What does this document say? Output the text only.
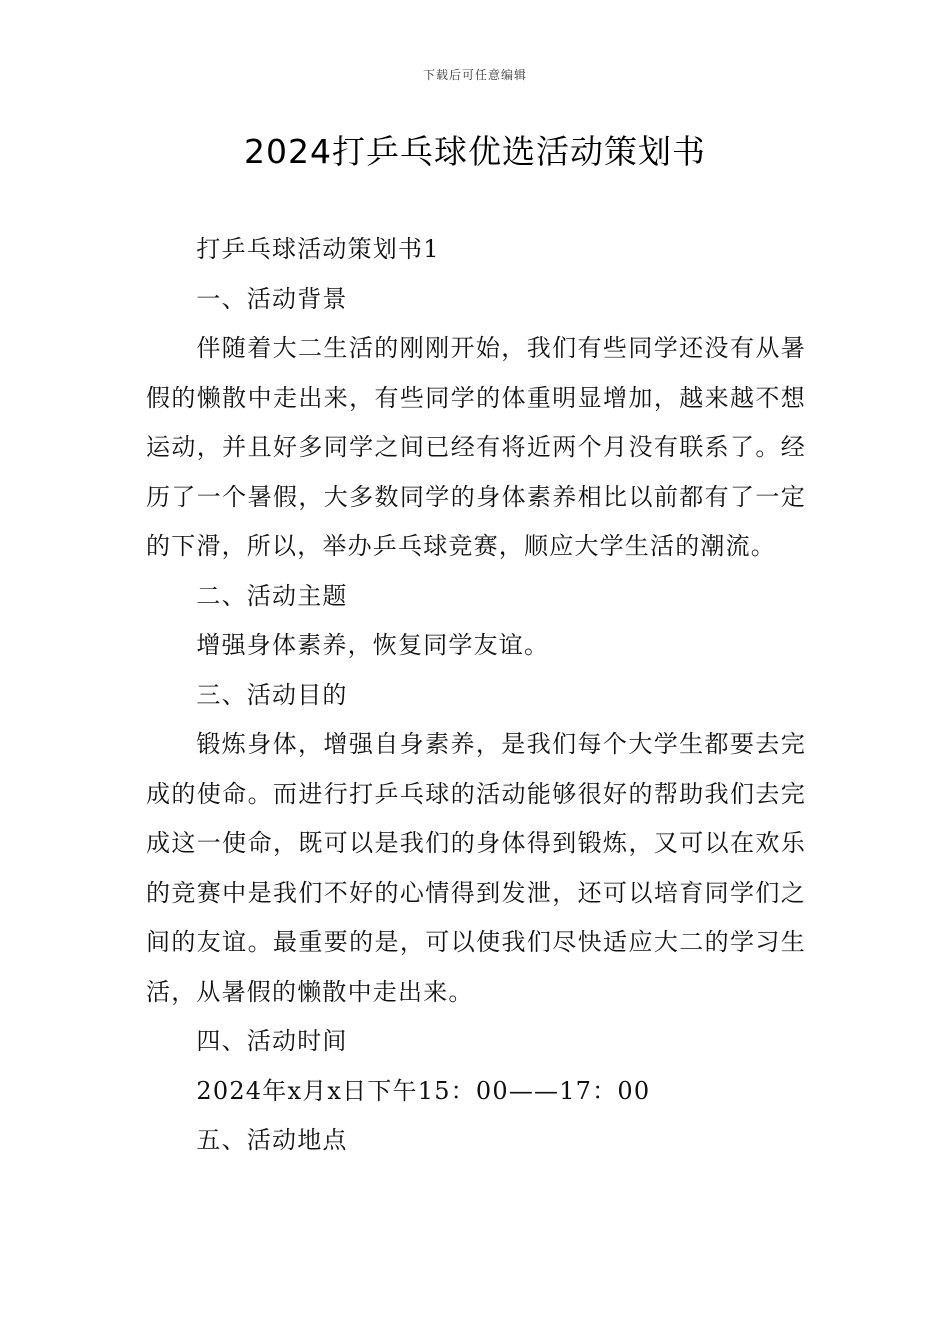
下载后可任意编辑
2024打乒乓球优选活动策划书

打乒乓球活动策划书1

一、活动背景

伴随着大二生活的刚刚开始，我们有些同学还没有从暑假的懒散中走出来，有些同学的体重明显增加，越来越不想运动，并且好多同学之间已经有将近两个月没有联系了。经历了一个暑假，大多数同学的身体素养相比以前都有了一定的下滑，所以，举办乒乓球竞赛，顺应大学生活的潮流。

二、活动主题

增强身体素养，恢复同学友谊。

三、活动目的

锻炼身体，增强自身素养，是我们每个大学生都要去完成的使命。而进行打乒乓球的活动能够很好的帮助我们去完成这一使命，既可以是我们的身体得到锻炼，又可以在欢乐的竞赛中是我们不好的心情得到发泄，还可以培育同学们之间的友谊。最重要的是，可以使我们尽快适应大二的学习生活，从暑假的懒散中走出来。

四、活动时间

2024年x月x日下午15：00——17：00

五、活动地点
